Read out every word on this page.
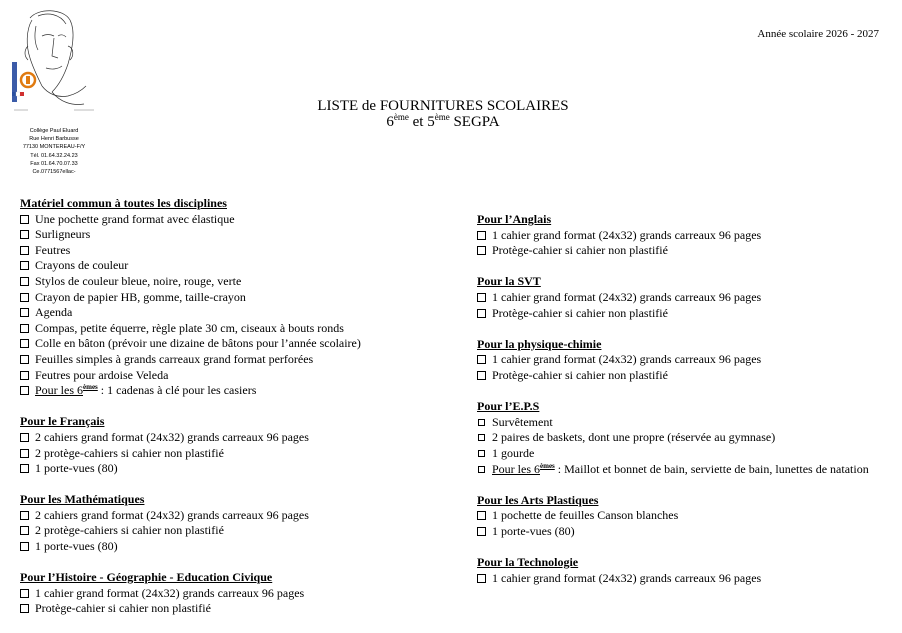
Collège Paul Eluard
Rue Henri Barbusse
77130 MONTEREAU-F/Y
Tél. 01.64.32.24.23
Fax 01.64.70.07.33
Ce.0771567ellac-
Année scolaire 2026 - 2027
LISTE de FOURNITURES SCOLAIRES
6ème et 5ème SEGPA
Matériel commun à toutes les disciplines
Une pochette grand format avec élastique
Surligneurs
Feutres
Crayons de couleur
Stylos de couleur bleue, noire, rouge, verte
Crayon de papier HB, gomme, taille-crayon
Agenda
Compas, petite équerre, règle plate 30 cm, ciseaux à bouts ronds
Colle en bâton (prévoir une dizaine de bâtons pour l’année scolaire)
Feuilles simples à grands carreaux grand format perforées
Feutres pour ardoise Veleda
Pour les 6èmes : 1 cadenas à clé pour les casiers
Pour le Français
2 cahiers grand format (24x32) grands carreaux 96 pages
2 protège-cahiers si cahier non plastifié
1 porte-vues (80)
Pour les Mathématiques
2 cahiers grand format (24x32) grands carreaux 96 pages
2 protège-cahiers si cahier non plastifié
1 porte-vues (80)
Pour l’Histoire - Géographie - Education Civique
1 cahier grand format (24x32) grands carreaux 96 pages
Protège-cahier si cahier non plastifié
Pour l’Anglais
1 cahier grand format (24x32) grands carreaux 96 pages
Protège-cahier si cahier non plastifié
Pour la SVT
1 cahier grand format (24x32) grands carreaux 96 pages
Protège-cahier si cahier non plastifié
Pour la physique-chimie
1 cahier grand format (24x32) grands carreaux 96 pages
Protège-cahier si cahier non plastifié
Pour l’E.P.S
Survêtement
2 paires de baskets, dont une propre (réservée au gymnase)
1 gourde
Pour les 6èmes : Maillot et bonnet de bain, serviette de bain, lunettes de natation
Pour les Arts Plastiques
1 pochette de feuilles Canson blanches
1 porte-vues (80)
Pour la Technologie
1 cahier grand format (24x32) grands carreaux 96 pages
